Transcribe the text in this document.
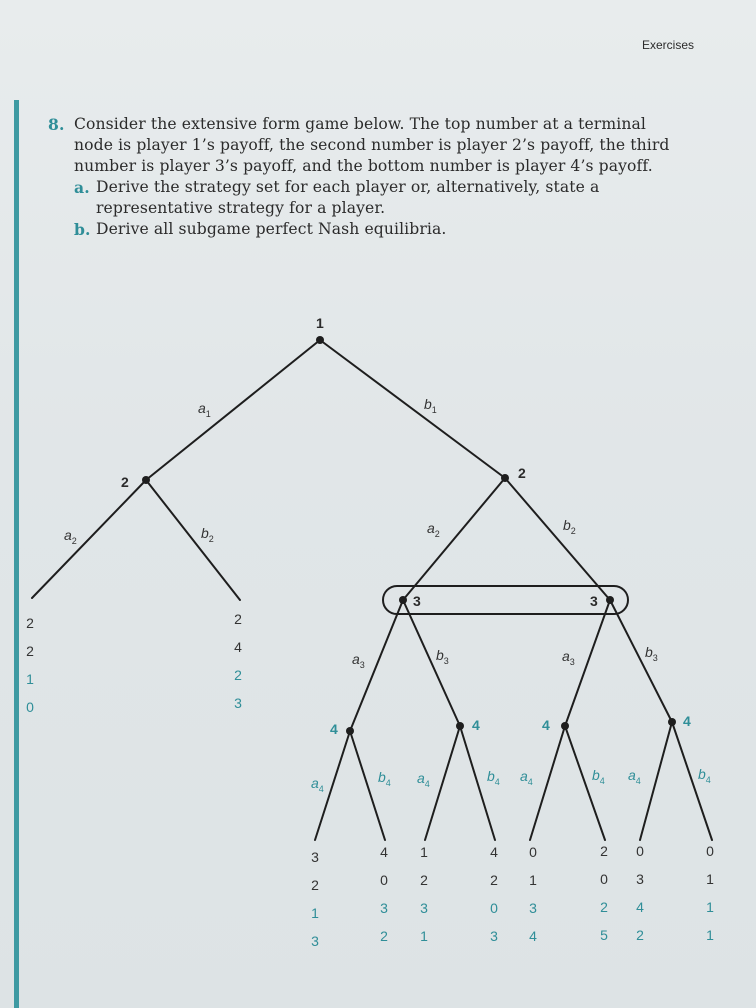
Exercises
8. Consider the extensive form game below. The top number at a terminal node is player 1’s payoff, the second number is player 2’s payoff, the third number is player 3’s payoff, and the bottom number is player 4’s payoff.
a. Derive the strategy set for each player or, alternatively, state a representative strategy for a player.
b. Derive all subgame perfect Nash equilibria.
1
2
2
3	3
4	4	4	4
$a_1$
$b_1$
$a_2$	$b_2$
$a_2$
$b_2$
$a_3$
$b_3$	$a_3$
$b_3$
$a_4$
$b_4$ $a_4$	$b_4$ $a_4$	$b_4$ $a_4$	$b_4$
2
2
1
0
2
4
2
3
3
2
1
3
4
0
3
2
1
2
3
1
4
2
0
3
0
1
3
4
2
0
2
5
0
3
4
2
0
1
1
1
